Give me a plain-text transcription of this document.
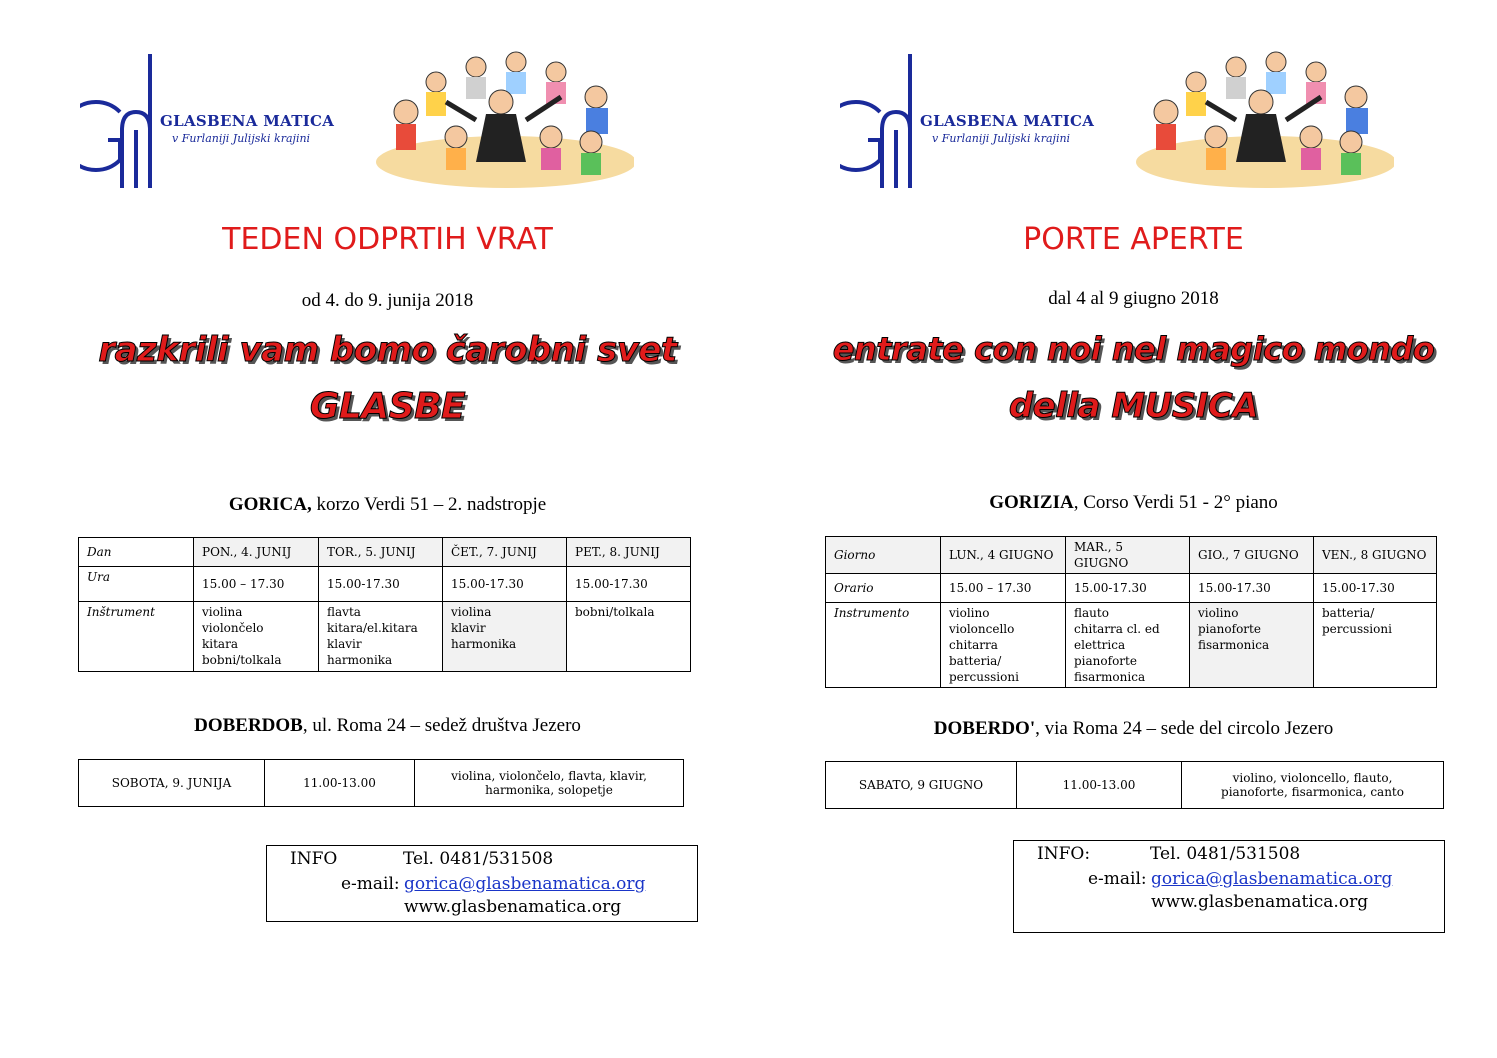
GLASBENA MATICA
v Furlaniji Julijski krajini
TEDEN ODPRTIH VRAT
od 4. do 9. junija 2018
razkrili vam bomo čarobni svet
GLASBE
GORICA, korzo Verdi 51 – 2. nadstropje
Dan	PON., 4. JUNIJ	TOR., 5. JUNIJ	ČET., 7. JUNIJ	PET., 8. JUNIJ
Ura	15.00 – 17.30	15.00-17.30	15.00-17.30	15.00-17.30
Inštrument	violina
violončelo
kitara
bobni/tolkala	flavta
kitara/el.kitara
klavir
harmonika	violina
klavir
harmonika	bobni/tolkala
DOBERDOB, ul. Roma 24 – sedež društva Jezero
SOBOTA, 9. JUNIJA	11.00-13.00	violina, violončelo, flavta, klavir,
harmonika, solopetje
INFO	Tel. 0481/531508
e-mail: gorica@glasbenamatica.org
www.glasbenamatica.org
GLASBENA MATICA
v Furlaniji Julijski krajini
PORTE APERTE
dal 4 al 9 giugno 2018
entrate con noi nel magico mondo
della MUSICA
GORIZIA, Corso Verdi 51 - 2° piano
Giorno	LUN., 4 GIUGNO	MAR., 5 GIUGNO	GIO., 7 GIUGNO	VEN., 8 GIUGNO
Orario	15.00 – 17.30	15.00-17.30	15.00-17.30	15.00-17.30
Instrumento	violino
violoncello
chitarra
batteria/
percussioni	flauto
chitarra cl. ed
elettrica
pianoforte
fisarmonica	violino
pianoforte
fisarmonica	batteria/
percussioni
DOBERDO', via Roma 24 – sede del circolo Jezero
SABATO, 9 GIUGNO	11.00-13.00	violino, violoncello, flauto,
pianoforte, fisarmonica, canto
INFO:	Tel. 0481/531508
e-mail: gorica@glasbenamatica.org
www.glasbenamatica.org
